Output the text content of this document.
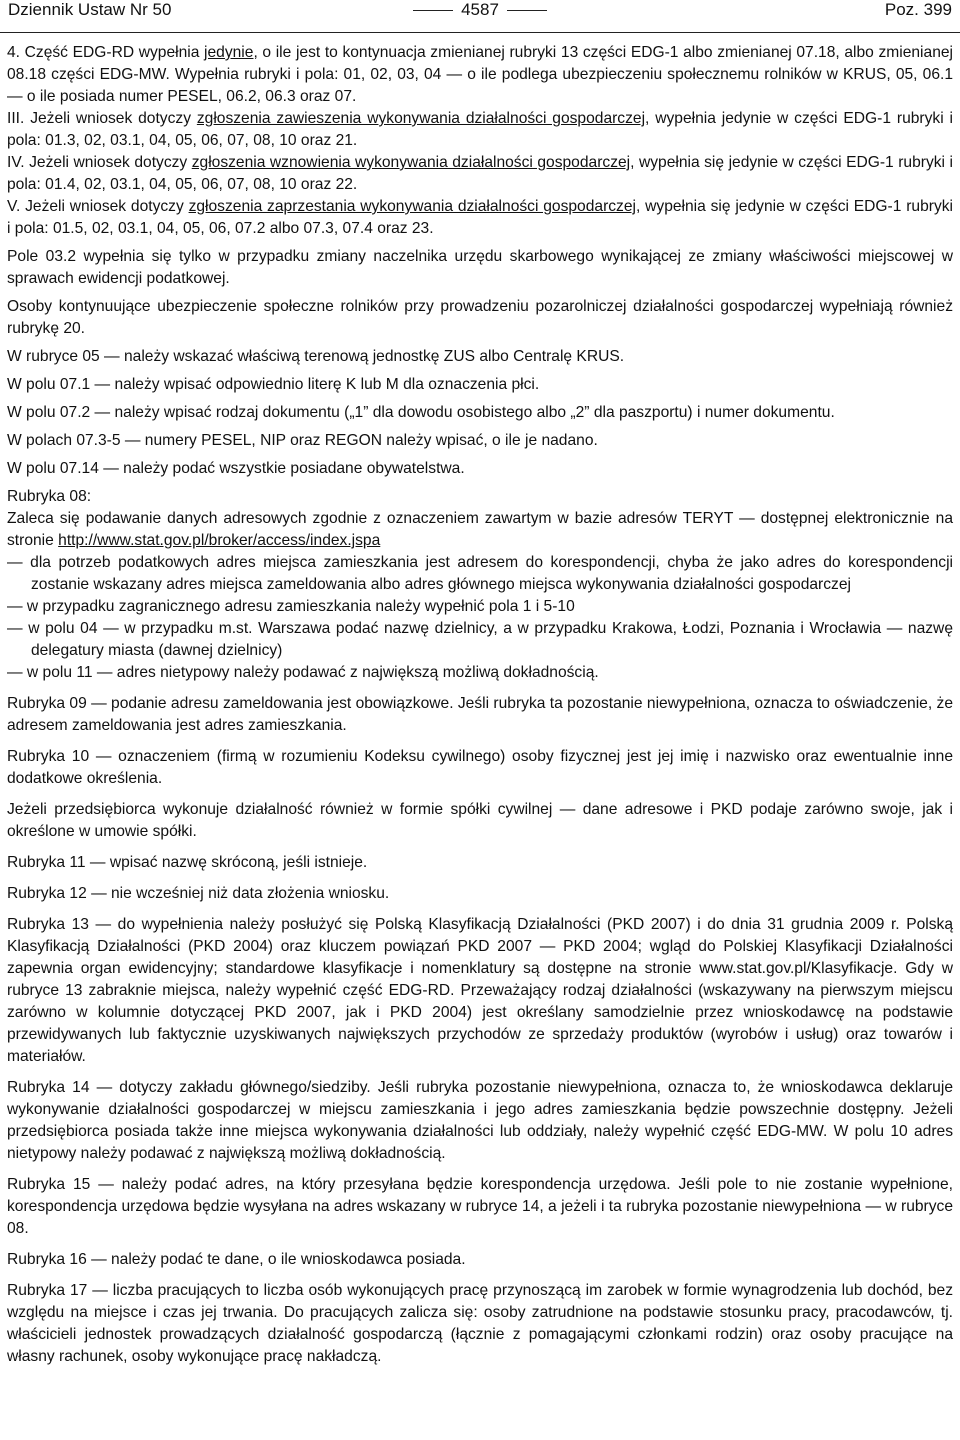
Dziennik Ustaw Nr 50	4587	Poz. 399

4. Część EDG-RD wypełnia jedynie, o ile jest to kontynuacja zmienianej rubryki 13 części EDG-1 albo zmienianej 07.18, albo zmienianej 08.18 części EDG-MW. Wypełnia rubryki i pola: 01, 02, 03, 04 — o ile podlega ubezpieczeniu społecznemu rolników w KRUS, 05, 06.1 — o ile posiada numer PESEL, 06.2, 06.3 oraz 07.

III. Jeżeli wniosek dotyczy zgłoszenia zawieszenia wykonywania działalności gospodarczej, wypełnia jedynie w części EDG-1 rubryki i pola: 01.3, 02, 03.1, 04, 05, 06, 07, 08, 10 oraz 21.

IV. Jeżeli wniosek dotyczy zgłoszenia wznowienia wykonywania działalności gospodarczej, wypełnia się jedynie w części EDG-1 rubryki i pola: 01.4, 02, 03.1, 04, 05, 06, 07, 08, 10 oraz 22.

V. Jeżeli wniosek dotyczy zgłoszenia zaprzestania wykonywania działalności gospodarczej, wypełnia się jedynie w części EDG-1 rubryki i pola: 01.5, 02, 03.1, 04, 05, 06, 07.2 albo 07.3, 07.4 oraz 23.

Pole 03.2 wypełnia się tylko w przypadku zmiany naczelnika urzędu skarbowego wynikającej ze zmiany właściwości miejscowej w sprawach ewidencji podatkowej.

Osoby kontynuujące ubezpieczenie społeczne rolników przy prowadzeniu pozarolniczej działalności gospodarczej wypełniają również rubrykę 20.

W rubryce 05 — należy wskazać właściwą terenową jednostkę ZUS albo Centralę KRUS.

W polu 07.1 — należy wpisać odpowiednio literę K lub M dla oznaczenia płci.

W polu 07.2 — należy wpisać rodzaj dokumentu („1” dla dowodu osobistego albo „2” dla paszportu) i numer dokumentu.

W polach 07.3-5 — numery PESEL, NIP oraz REGON należy wpisać, o ile je nadano.

W polu 07.14 — należy podać wszystkie posiadane obywatelstwa.

Rubryka 08:

Zaleca się podawanie danych adresowych zgodnie z oznaczeniem zawartym w bazie adresów TERYT — dostępnej elektronicznie na stronie http://www.stat.gov.pl/broker/access/index.jspa

— dla potrzeb podatkowych adres miejsca zamieszkania jest adresem do korespondencji, chyba że jako adres do korespondencji zostanie wskazany adres miejsca zameldowania albo adres głównego miejsca wykonywania działalności gospodarczej

— w przypadku zagranicznego adresu zamieszkania należy wypełnić pola 1 i 5-10

— w polu 04 — w przypadku m.st. Warszawa podać nazwę dzielnicy, a w przypadku Krakowa, Łodzi, Poznania i Wrocławia — nazwę delegatury miasta (dawnej dzielnicy)

— w polu 11 — adres nietypowy należy podawać z największą możliwą dokładnością.

Rubryka 09 — podanie adresu zameldowania jest obowiązkowe. Jeśli rubryka ta pozostanie niewypełniona, oznacza to oświadczenie, że adresem zameldowania jest adres zamieszkania.

Rubryka 10 — oznaczeniem (firmą w rozumieniu Kodeksu cywilnego) osoby fizycznej jest jej imię i nazwisko oraz ewentualnie inne dodatkowe określenia.

Jeżeli przedsiębiorca wykonuje działalność również w formie spółki cywilnej — dane adresowe i PKD podaje zarówno swoje, jak i określone w umowie spółki.

Rubryka 11 — wpisać nazwę skróconą, jeśli istnieje.

Rubryka 12 — nie wcześniej niż data złożenia wniosku.

Rubryka 13 — do wypełnienia należy posłużyć się Polską Klasyfikacją Działalności (PKD 2007) i do dnia 31 grudnia 2009 r. Polską Klasyfikacją Działalności (PKD 2004) oraz kluczem powiązań PKD 2007 — PKD 2004; wgląd do Polskiej Klasyfikacji Działalności zapewnia organ ewidencyjny; standardowe klasyfikacje i nomenklatury są dostępne na stronie www.stat.gov.pl/Klasyfikacje. Gdy w rubryce 13 zabraknie miejsca, należy wypełnić część EDG-RD. Przeważający rodzaj działalności (wskazywany na pierwszym miejscu zarówno w kolumnie dotyczącej PKD 2007, jak i PKD 2004) jest określany samodzielnie przez wnioskodawcę na podstawie przewidywanych lub faktycznie uzyskiwanych największych przychodów ze sprzedaży produktów (wyrobów i usług) oraz towarów i materiałów.

Rubryka 14 — dotyczy zakładu głównego/siedziby. Jeśli rubryka pozostanie niewypełniona, oznacza to, że wnioskodawca deklaruje wykonywanie działalności gospodarczej w miejscu zamieszkania i jego adres zamieszkania będzie powszechnie dostępny. Jeżeli przedsiębiorca posiada także inne miejsca wykonywania działalności lub oddziały, należy wypełnić część EDG-MW. W polu 10 adres nietypowy należy podawać z największą możliwą dokładnością.

Rubryka 15 — należy podać adres, na który przesyłana będzie korespondencja urzędowa. Jeśli pole to nie zostanie wypełnione, korespondencja urzędowa będzie wysyłana na adres wskazany w rubryce 14, a jeżeli i ta rubryka pozostanie niewypełniona — w rubryce 08.

Rubryka 16 — należy podać te dane, o ile wnioskodawca posiada.

Rubryka 17 — liczba pracujących to liczba osób wykonujących pracę przynoszącą im zarobek w formie wynagrodzenia lub dochód, bez względu na miejsce i czas jej trwania. Do pracujących zalicza się: osoby zatrudnione na podstawie stosunku pracy, pracodawców, tj. właścicieli jednostek prowadzących działalność gospodarczą (łącznie z pomagającymi członkami rodzin) oraz osoby pracujące na własny rachunek, osoby wykonujące pracę nakładczą.
